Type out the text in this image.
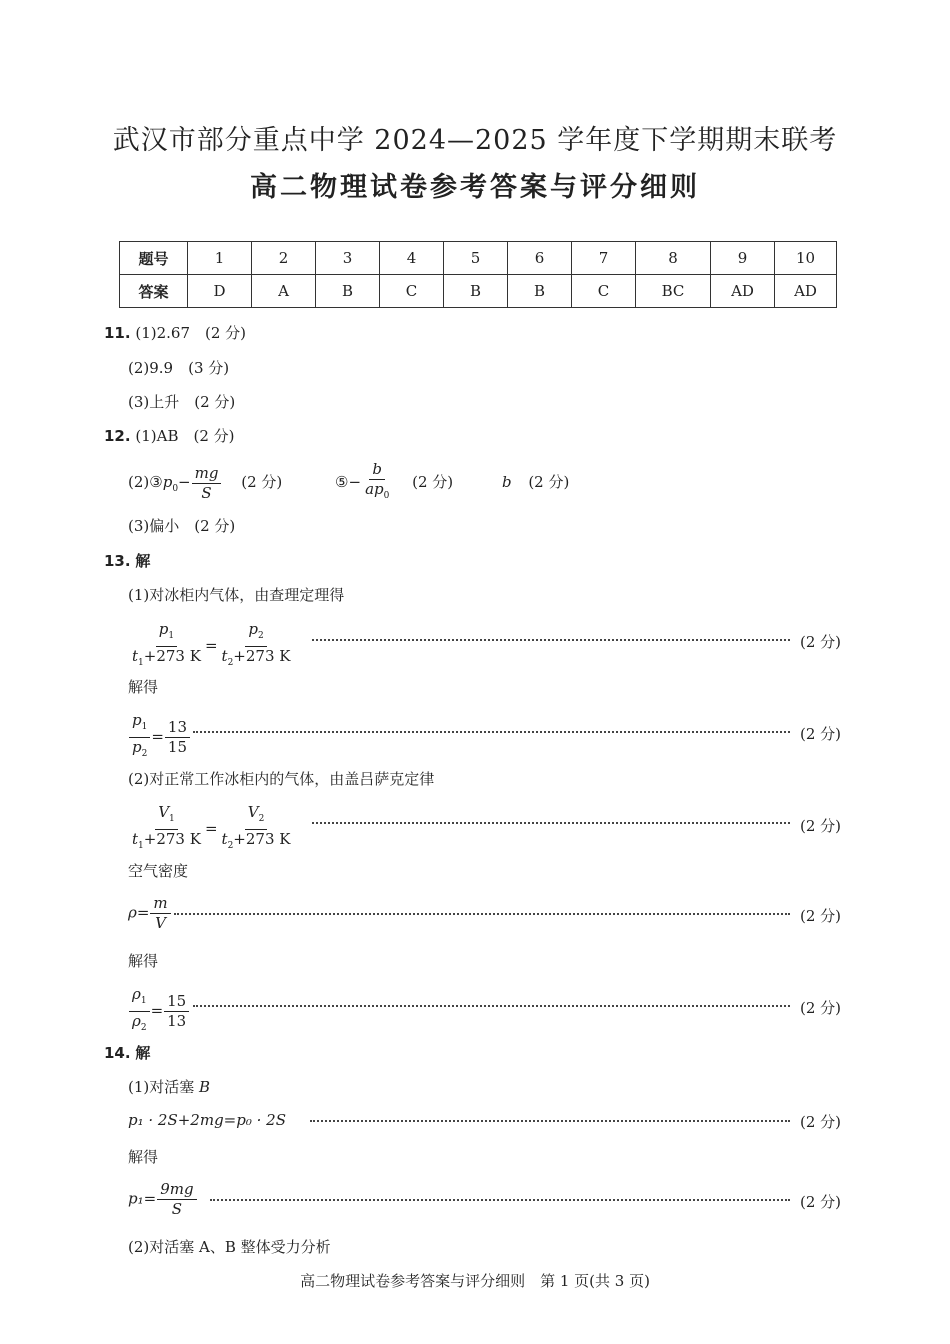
武汉市部分重点中学 2024—2025 学年度下学期期末联考
高二物理试卷参考答案与评分细则
题号	1	2	3	4	5	6	7	8	9	10
答案	D	A	B	C	B	B	C	BC	AD	AD
11. (1)2.67　(2 分)
(2)9.9　(3 分)
(3)上升　(2 分)
12. (1)AB　(2 分)
$(2)③p_0- \frac{mg}{S} (2$ 分)	⑤− $\frac{b}{ap_0} (2$ 分)	b (2 分)
(3)偏小　(2 分)
13. 解
(1)对冰柜内气体，由查理定理得
$\frac{p_1}{t_1+273 K} = \frac{p_2}{t_2+273 K}$	(2 分)
解得
$\frac{p_1}{p_2} = \frac{13}{15}$	(2 分)
(2)对正常工作冰柜内的气体，由盖吕萨克定律
$\frac{V_1}{t_1+273 K} = \frac{V_2}{t_2+273 K}$	(2 分)
空气密度
$\rho= \frac{m}{V}$	(2 分)
解得
$\frac{\rho_1}{\rho_2} = \frac{15}{13}$	(2 分)
14. 解
(1)对活塞 B
p₁ · 2S+2mg=p₀ · 2S	(2 分)
解得
$p_1= \frac{9mg}{S}$	(2 分)
(2)对活塞 A、B 整体受力分析
高二物理试卷参考答案与评分细则　第 1 页(共 3 页)
